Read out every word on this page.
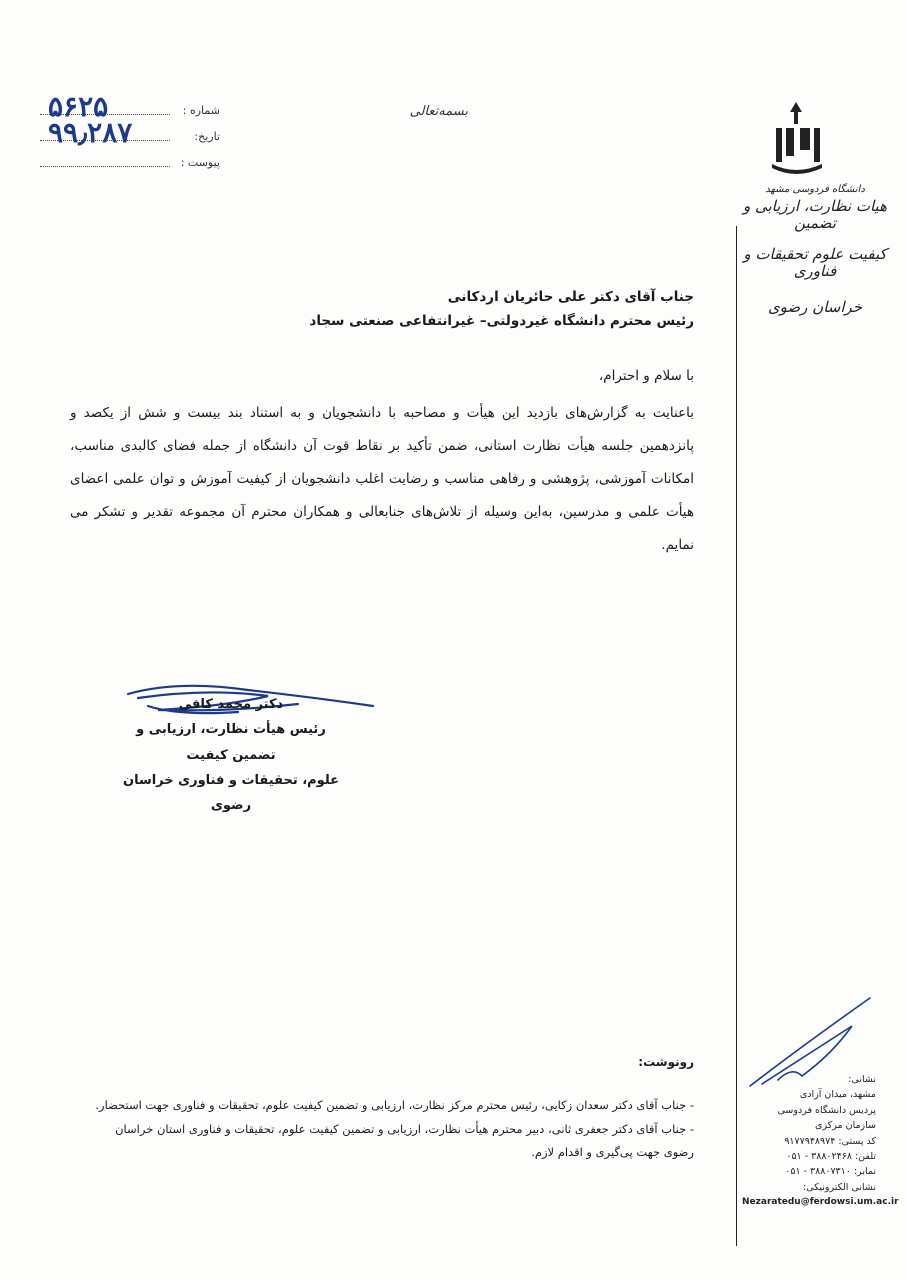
دانشگاه فردوسی مشهد
هیات نظارت، ارزیابی و تضمین
کیفیت علوم تحقیقات و فناوری
خراسان رضوی
بسمه‌تعالی
شماره :
۵۶۲۵
تاریخ:
۹۹٫۲۸۷
پیوست :
جناب آقای دکتر علی حائریان اردکانی
رئیس محترم دانشگاه غیردولتی– غیرانتفاعی صنعتی سجاد

با سلام و احترام،

باعنایت به گزارش‌های بازدید این هیأت و مصاحبه با دانشجویان و به استناد بند بیست و شش از یکصد و پانزدهمین جلسه هیأت نظارت استانی، ضمن تأکید بر نقاط قوت آن دانشگاه از جمله فضای کالبدی مناسب، امکانات آموزشی، پژوهشی و رفاهی مناسب و رضایت اغلب دانشجویان از کیفیت آموزش و توان علمی اعضای هیأت علمی و مدرسین، به‌این وسیله از تلاش‌های جنابعالی و همکاران محترم آن مجموعه تقدیر و تشکر می نمایم.

دکتر محمد کافی
رئیس هیأت نظارت، ارزیابی و تضمین کیفیت
علوم، تحقیقات و فناوری خراسان رضوی
رونوشت:
- جناب آقای دکتر سعدان زکایی، رئیس محترم مرکز نظارت، ارزیابی و تضمین کیفیت علوم، تحقیقات و فناوری جهت استحضار.
- جناب آقای دکتر جعفری ثانی، دبیر محترم هیأت نظارت، ارزیابی و تضمین کیفیت علوم، تحقیقات و فناوری استان خراسان رضوی جهت پی‌گیری و اقدام لازم.
نشانی:
مشهد، میدان آزادی
پردیس دانشگاه فردوسی
سازمان مرکزی
کد پستی: ۹۱۷۷۹۴۸۹۷۴
تلفن: ۳۸۸۰۲۴۶۸ - ۰۵۱
نمابر: ۳۸۸۰۷۳۱۰ - ۰۵۱
نشانی الکترونیکی:
Nezaratedu@ferdowsi.um.ac.ir
